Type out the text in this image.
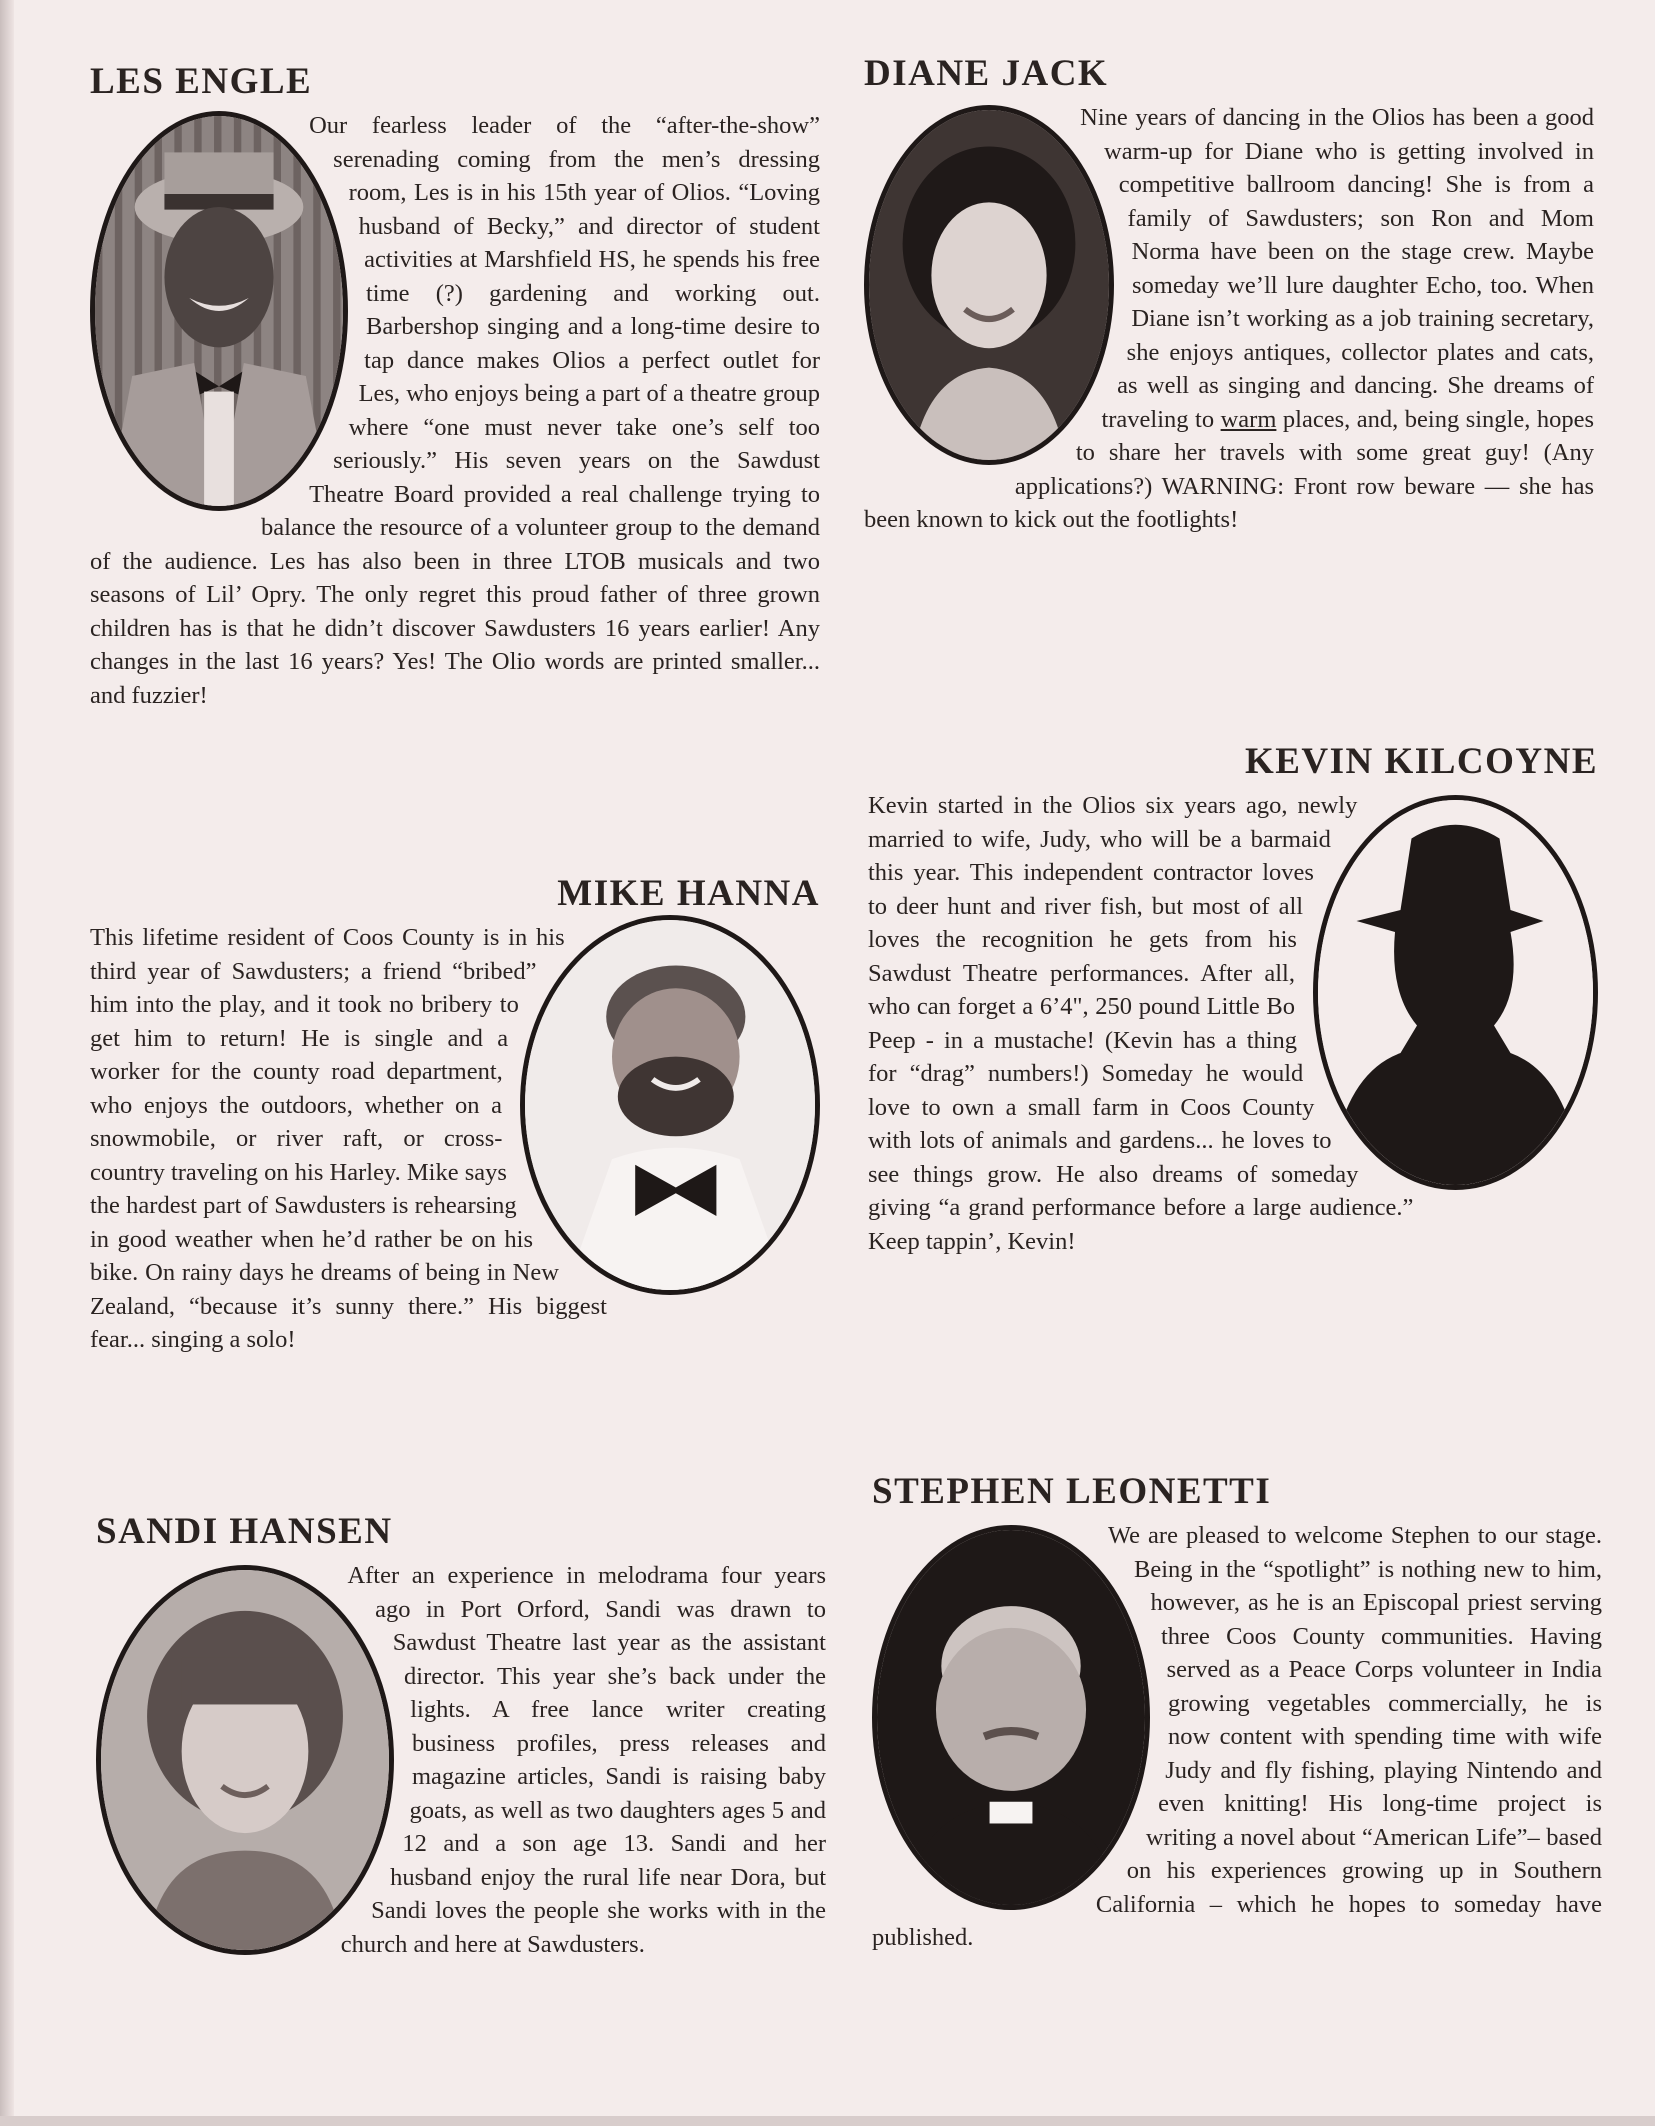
LES ENGLE

Our fearless leader of the “after-the-show” serenading coming from the men’s dressing room, Les is in his 15th year of Olios. “Loving husband of Becky,” and director of student activities at Marshfield HS, he spends his free time (?) gardening and working out. Barbershop singing and a long-time desire to tap dance makes Olios a perfect outlet for Les, who enjoys being a part of a theatre group where “one must never take one’s self too seriously.” His seven years on the Sawdust Theatre Board provided a real challenge trying to balance the resource of a volunteer group to the demand of the audience. Les has also been in three LTOB musicals and two seasons of Lil’ Opry. The only regret this proud father of three grown children has is that he didn’t discover Sawdusters 16 years earlier! Any changes in the last 16 years? Yes! The Olio words are printed smaller... and fuzzier!

MIKE HANNA

This lifetime resident of Coos County is in his third year of Sawdusters; a friend “bribed” him into the play, and it took no bribery to get him to return! He is single and a worker for the county road department, who enjoys the outdoors, whether on a snowmobile, or river raft, or cross-country traveling on his Harley. Mike says the hardest part of Sawdusters is rehearsing in good weather when he’d rather be on his bike. On rainy days he dreams of being in New Zealand, “because it’s sunny there.” His biggest fear... singing a solo!

SANDI HANSEN

After an experience in melodrama four years ago in Port Orford, Sandi was drawn to Sawdust Theatre last year as the assistant director. This year she’s back under the lights. A free lance writer creating business profiles, press releases and magazine articles, Sandi is raising baby goats, as well as two daughters ages 5 and 12 and a son age 13. Sandi and her husband enjoy the rural life near Dora, but Sandi loves the people she works with in the church and here at Sawdusters.

DIANE JACK

Nine years of dancing in the Olios has been a good warm-up for Diane who is getting involved in competitive ballroom dancing! She is from a family of Sawdusters; son Ron and Mom Norma have been on the stage crew. Maybe someday we’ll lure daughter Echo, too. When Diane isn’t working as a job training secretary, she enjoys antiques, collector plates and cats, as well as singing and dancing. She dreams of traveling to warm places, and, being single, hopes to share her travels with some great guy! (Any applications?) WARNING: Front row beware — she has been known to kick out the footlights!

KEVIN KILCOYNE

Kevin started in the Olios six years ago, newly married to wife, Judy, who will be a barmaid this year. This independent contractor loves to deer hunt and river fish, but most of all loves the recognition he gets from his Sawdust Theatre performances. After all, who can forget a 6’4", 250 pound Little Bo Peep - in a mustache! (Kevin has a thing for “drag” numbers!) Someday he would love to own a small farm in Coos County with lots of animals and gardens... he loves to see things grow. He also dreams of someday giving “a grand performance before a large audience.” Keep tappin’, Kevin!

STEPHEN LEONETTI

We are pleased to welcome Stephen to our stage. Being in the “spotlight” is nothing new to him, however, as he is an Episcopal priest serving three Coos County communities. Having served as a Peace Corps volunteer in India growing vegetables commercially, he is now content with spending time with wife Judy and fly fishing, playing Nintendo and even knitting! His long-time project is writing a novel about “American Life”– based on his experiences growing up in Southern California – which he hopes to someday have published.
